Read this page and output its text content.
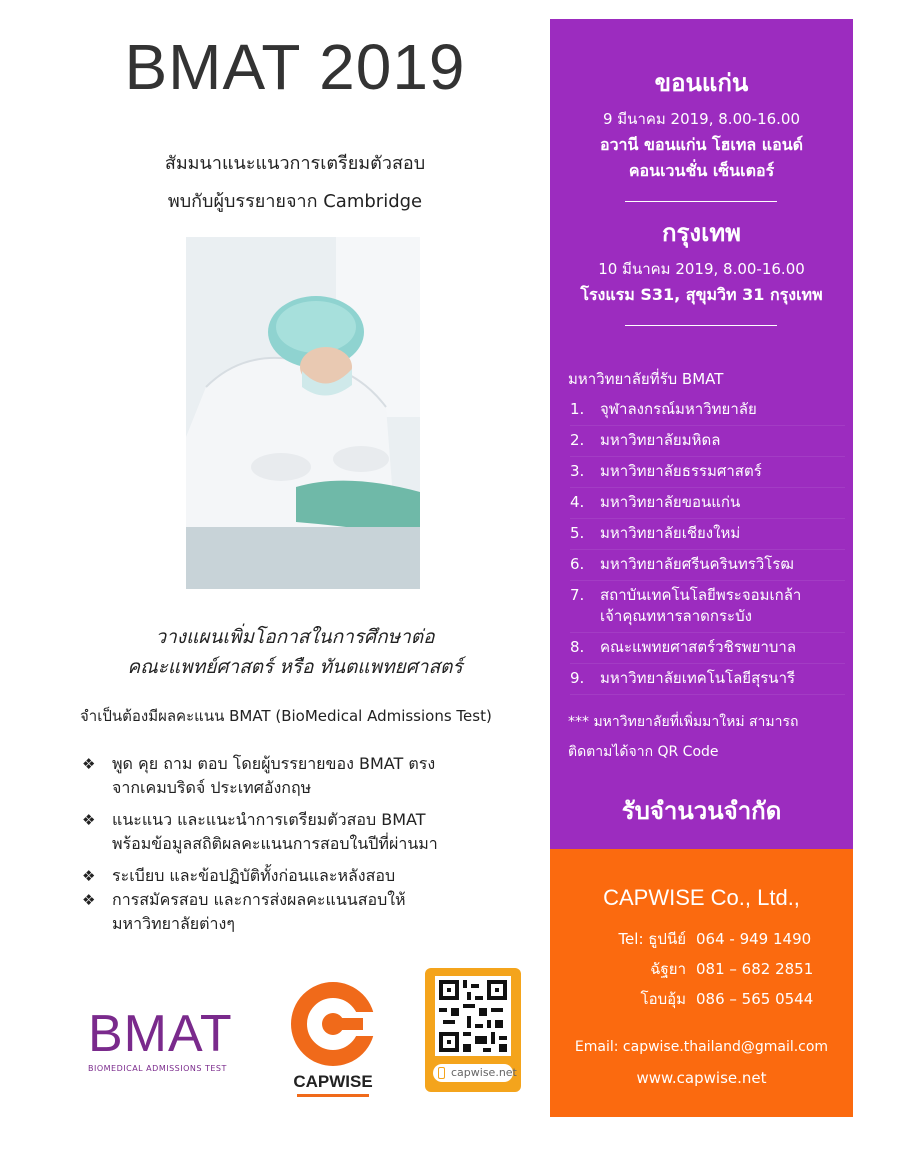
BMAT 2019
สัมมนาแนะแนวการเตรียมตัวสอบ
พบกับผู้บรรยายจาก Cambridge
วางแผนเพิ่มโอกาสในการศึกษาต่อ
คณะแพทย์ศาสตร์ หรือ ทันตแพทยศาสตร์
จำเป็นต้องมีผลคะแนน BMAT (BioMedical Admissions Test)
❖ พูด คุย ถาม ตอบ โดยผู้บรรยายของ BMAT ตรง
จากเคมบริดจ์ ประเทศอังกฤษ
❖ แนะแนว และแนะนำการเตรียมตัวสอบ BMAT
พร้อมข้อมูลสถิติผลคะแนนการสอบในปีที่ผ่านมา
❖ ระเบียบ และข้อปฏิบัติทั้งก่อนและหลังสอบ
❖ การสมัครสอบ และการส่งผลคะแนนสอบให้
มหาวิทยาลัยต่างๆ
BMAT
BIOMEDICAL ADMISSIONS TEST
CAPWISE	capwise.net
ขอนแก่น
9 มีนาคม 2019, 8.00-16.00
อวานี ขอนแก่น โฮเทล แอนด์
คอนเวนชั่น เซ็นเตอร์
กรุงเทพ
10 มีนาคม 2019, 8.00-16.00
โรงแรม S31, สุขุมวิท 31 กรุงเทพ
มหาวิทยาลัยที่รับ BMAT
1. จุฬาลงกรณ์มหาวิทยาลัย
2. มหาวิทยาลัยมหิดล
3. มหาวิทยาลัยธรรมศาสตร์
4. มหาวิทยาลัยขอนแก่น
5. มหาวิทยาลัยเชียงใหม่
6. มหาวิทยาลัยศรีนครินทรวิโรฒ
7. สถาบันเทคโนโลยีพระจอมเกล้า
เจ้าคุณทหารลาดกระบัง
8. คณะแพทยศาสตร์วชิรพยาบาล
9. มหาวิทยาลัยเทคโนโลยีสุรนารี
*** มหาวิทยาลัยที่เพิ่มมาใหม่ สามารถ
ติดตามได้จาก QR Code
รับจำนวนจำกัด
CAPWISE Co., Ltd.,
Tel: ธูปนีย์ 064 - 949 1490
ฉัฐยา 081 – 682 2851
โอบอุ้ม 086 – 565 0544
Email: capwise.thailand@gmail.com
www.capwise.net
